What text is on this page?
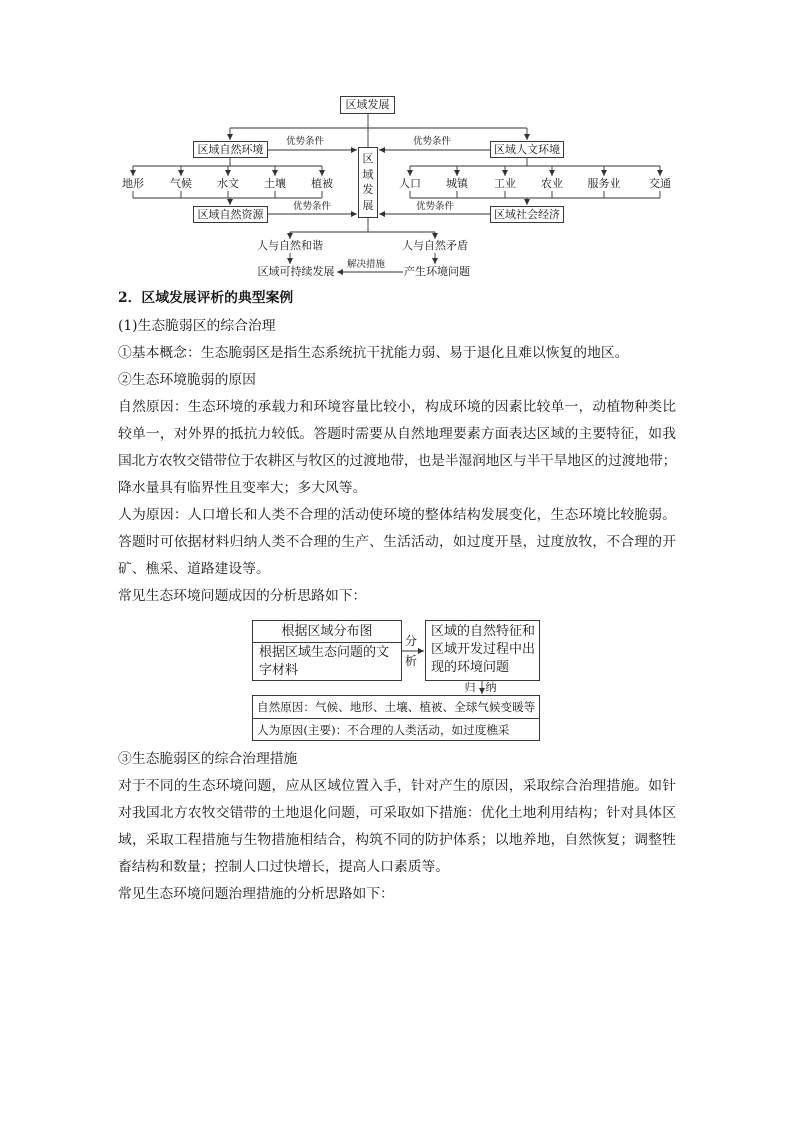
区域发展
区域自然环境	区域人文环境
区域发展
优势条件	优势条件
优势条件	优势条件
地形	气候	水文	土壤	植被	人口	城镇	工业	农业	服务业	交通
区域自然资源	区域社会经济
人与自然和谐	人与自然矛盾
区域可持续发展	产生环境问题
解决措施
2．区域发展评析的典型案例
(1)生态脆弱区的综合治理
①基本概念：生态脆弱区是指生态系统抗干扰能力弱、易于退化且难以恢复的地区。
②生态环境脆弱的原因
自然原因：生态环境的承载力和环境容量比较小，构成环境的因素比较单一，动植物种类比
较单一，对外界的抵抗力较低。答题时需要从自然地理要素方面表达区域的主要特征，如我
国北方农牧交错带位于农耕区与牧区的过渡地带，也是半湿润地区与半干旱地区的过渡地带；
降水量具有临界性且变率大；多大风等。
人为原因：人口增长和人类不合理的活动使环境的整体结构发展变化，生态环境比较脆弱。
答题时可依据材料归纳人类不合理的生产、生活活动，如过度开垦，过度放牧，不合理的开
矿、樵采、道路建设等。
常见生态环境问题成因的分析思路如下：
根据区域分布图
根据区域生态问题的文
字材料
分
析
区域的自然特征和
区域开发过程中出
现的环境问题
归 纳
自然原因：气候、地形、土壤、植被、全球气候变暖等
人为原因(主要)：不合理的人类活动，如过度樵采
③生态脆弱区的综合治理措施
对于不同的生态环境问题，应从区域位置入手，针对产生的原因，采取综合治理措施。如针
对我国北方农牧交错带的土地退化问题，可采取如下措施：优化土地利用结构；针对具体区
域，采取工程措施与生物措施相结合，构筑不同的防护体系；以地养地，自然恢复；调整牲
畜结构和数量；控制人口过快增长，提高人口素质等。
常见生态环境问题治理措施的分析思路如下：
